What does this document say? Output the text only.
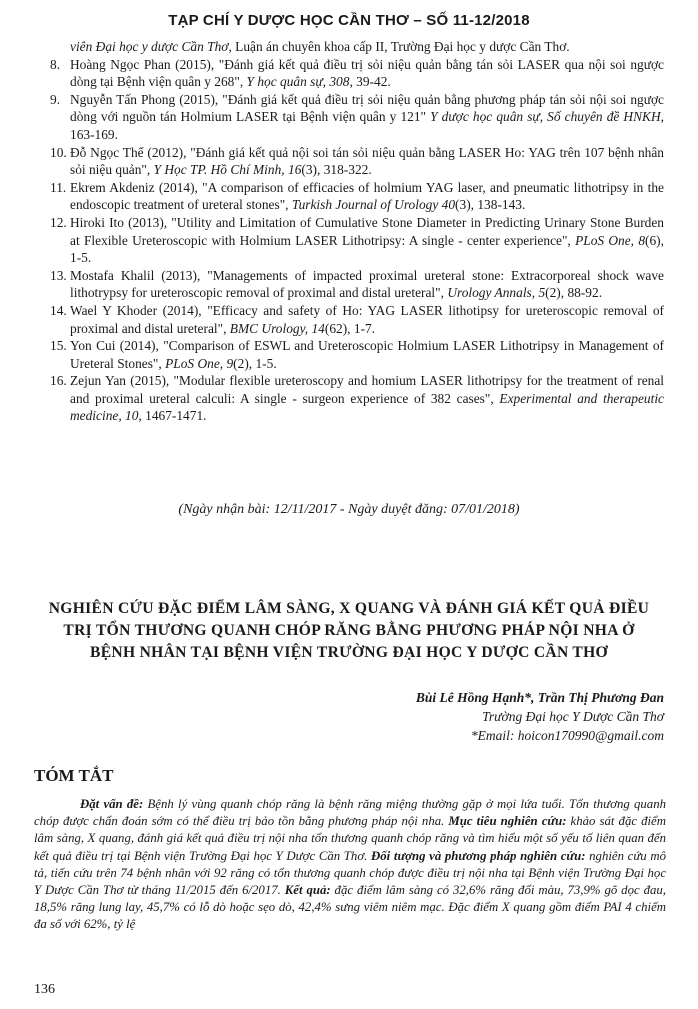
TẠP CHÍ Y DƯỢC HỌC CẦN THƠ – SỐ 11-12/2018
viên Đại học y dược Cần Thơ, Luận án chuyên khoa cấp II, Trường Đại học y dược Cần Thơ.
8. Hoàng Ngọc Phan (2015), "Đánh giá kết quả điều trị sỏi niệu quản bằng tán sỏi LASER qua nội soi ngược dòng tại Bệnh viện quân y 268", Y học quân sự, 308, 39-42.
9. Nguyễn Tấn Phong (2015), "Đánh giá kết quả điều trị sỏi niệu quản bằng phương pháp tán sỏi nội soi ngược dòng với nguồn tán Holmium LASER tại Bệnh viện quân y 121" Y dược học quân sự, Số chuyên đề HNKH, 163-169.
10. Đỗ Ngọc Thể (2012), "Đánh giá kết quả nội soi tán sỏi niệu quản bằng LASER Ho: YAG trên 107 bệnh nhân sỏi niệu quản", Y Học TP. Hồ Chí Minh, 16(3), 318-322.
11. Ekrem Akdeniz (2014), "A comparison of efficacies of holmium YAG laser, and pneumatic lithotripsy in the endoscopic treatment of ureteral stones", Turkish Journal of Urology 40(3), 138-143.
12. Hiroki Ito (2013), "Utility and Limitation of Cumulative Stone Diameter in Predicting Urinary Stone Burden at Flexible Ureteroscopic with Holmium LASER Lithotripsy: A single - center experience", PLoS One, 8(6), 1-5.
13. Mostafa Khalil (2013), "Managements of impacted proximal ureteral stone: Extracorporeal shock wave lithotrypsy for ureteroscopic removal of proximal and distal ureteral", Urology Annals, 5(2), 88-92.
14. Wael Y Khoder (2014), "Efficacy and safety of Ho: YAG LASER lithotipsy for ureteroscopic removal of proximal and distal ureteral", BMC Urology, 14(62), 1-7.
15. Yon Cui (2014), "Comparison of ESWL and Ureteroscopic Holmium LASER Lithotripsy in Management of Ureteral Stones", PLoS One, 9(2), 1-5.
16. Zejun Yan (2015), "Modular flexible ureteroscopy and homium LASER lithotripsy for the treatment of renal and proximal ureteral calculi: A single - surgeon experience of 382 cases", Experimental and therapeutic medicine, 10, 1467-1471.
(Ngày nhận bài: 12/11/2017 - Ngày duyệt đăng: 07/01/2018)
NGHIÊN CỨU ĐẶC ĐIỂM LÂM SÀNG, X QUANG VÀ ĐÁNH GIÁ KẾT QUẢ ĐIỀU TRỊ TỔN THƯƠNG QUANH CHÓP RĂNG BẰNG PHƯƠNG PHÁP NỘI NHA Ở BỆNH NHÂN TẠI BỆNH VIỆN TRƯỜNG ĐẠI HỌC Y DƯỢC CẦN THƠ
Bùi Lê Hồng Hạnh*, Trần Thị Phương Đan
Trường Đại học Y Dược Cần Thơ
*Email: hoicon170990@gmail.com
TÓM TẮT
Đặt vấn đề: Bệnh lý vùng quanh chóp răng là bệnh răng miệng thường gặp ở mọi lứa tuổi. Tổn thương quanh chóp được chẩn đoán sớm có thể điều trị bảo tồn bằng phương pháp nội nha. Mục tiêu nghiên cứu: khảo sát đặc điểm lâm sàng, X quang, đánh giá kết quả điều trị nội nha tổn thương quanh chóp răng và tìm hiểu một số yếu tố liên quan đến kết quả điều trị tại Bệnh viện Trường Đại học Y Dược Cần Thơ. Đối tượng và phương pháp nghiên cứu: nghiên cứu mô tả, tiến cứu trên 74 bệnh nhân với 92 răng có tổn thương quanh chóp được điều trị nội nha tại Bệnh viện Trường Đại học Y Dược Cần Thơ từ tháng 11/2015 đến 6/2017. Kết quả: đặc điểm lâm sàng có 32,6% răng đổi màu, 73,9% gõ dọc đau, 18,5% răng lung lay, 45,7% có lỗ dò hoặc sẹo dò, 42,4% sưng viêm niêm mạc. Đặc điểm X quang gồm điểm PAI 4 chiếm đa số với 62%, tỷ lệ
136
